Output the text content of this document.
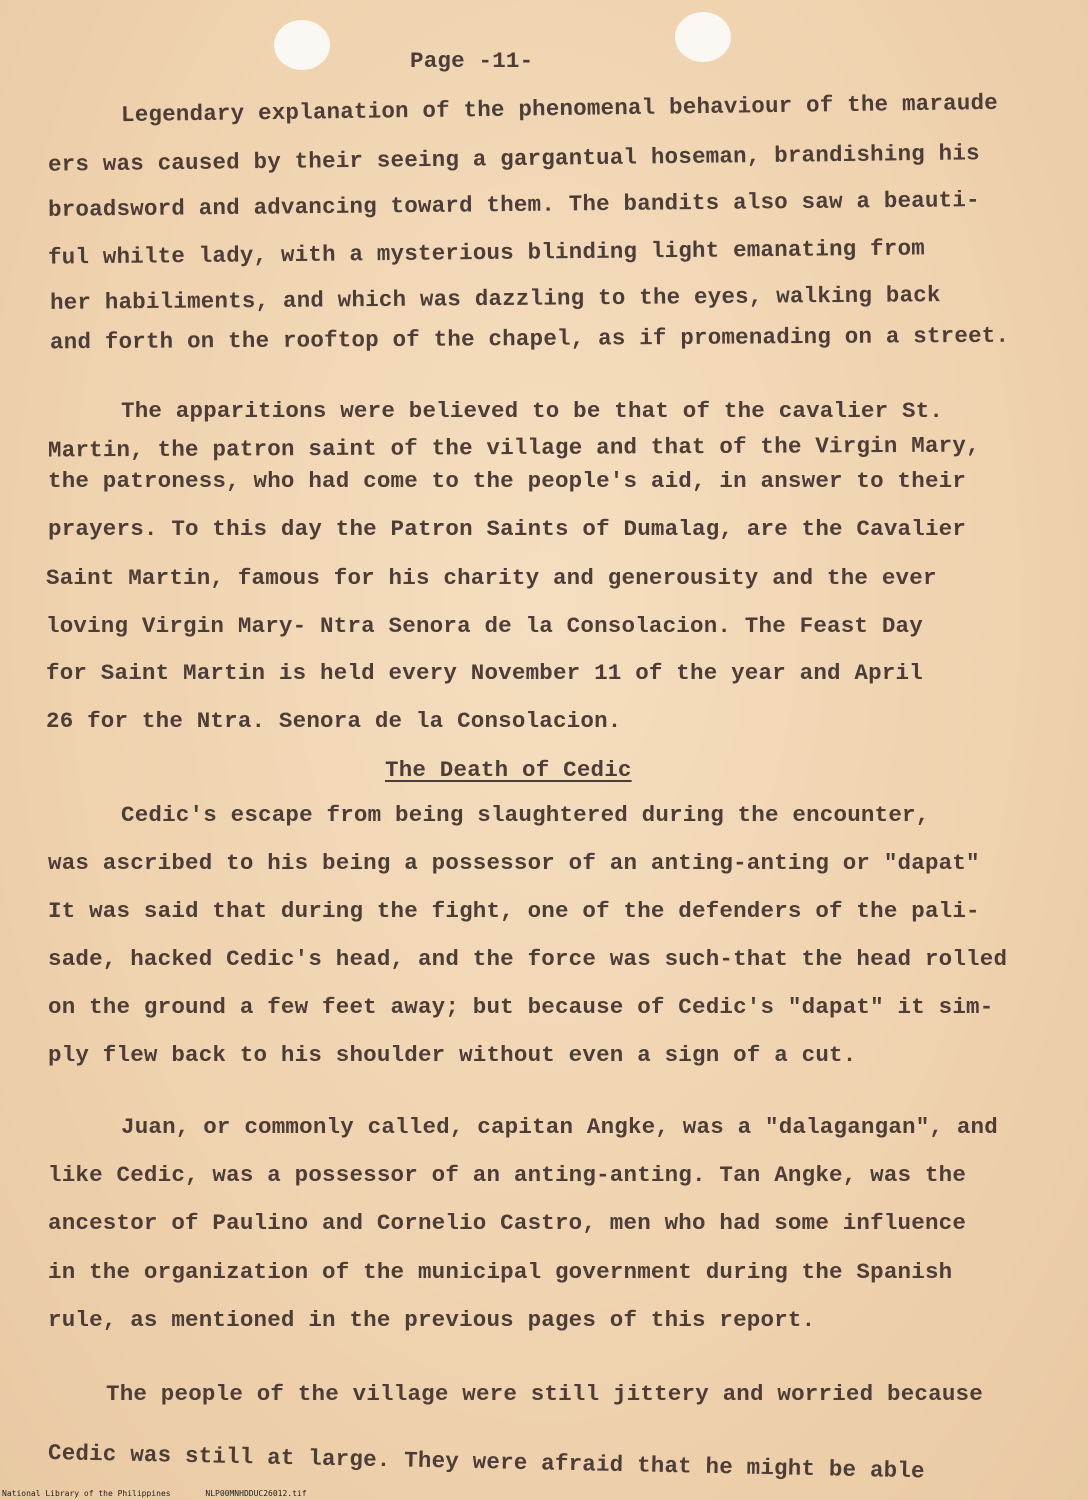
Page -11-
Legendary explanation of the phenomenal behaviour of the maraude
ers was caused by their seeing a gargantual hoseman, brandishing his
broadsword and advancing toward them. The bandits also saw a beauti-
ful whilte lady, with a mysterious blinding light emanating from
her habiliments, and which was dazzling to the eyes, walking back
and forth on the rooftop of the chapel, as if promenading on a street.
The apparitions were believed to be that of the cavalier St.
Martin, the patron saint of the village and that of the Virgin Mary,
the patroness, who had come to the people's aid, in answer to their
prayers. To this day the Patron Saints of Dumalag, are the Cavalier
Saint Martin, famous for his charity and generousity and the ever
loving Virgin Mary- Ntra Senora de la Consolacion. The Feast Day
for Saint Martin is held every November 11 of the year and April
26 for the Ntra. Senora de la Consolacion.
The Death of Cedic
Cedic's escape from being slaughtered during the encounter,
was ascribed to his being a possessor of an anting-anting or "dapat"
It was said that during the fight, one of the defenders of the pali-
sade, hacked Cedic's head, and the force was such-that the head rolled
on the ground a few feet away; but because of Cedic's "dapat" it sim-
ply flew back to his shoulder without even a sign of a cut.
Juan, or commonly called, capitan Angke, was a "dalagangan", and
like Cedic, was a possessor of an anting-anting. Tan Angke, was the
ancestor of Paulino and Cornelio Castro, men who had some influence
in the organization of the municipal government during the Spanish
rule, as mentioned in the previous pages of this report.
The people of the village were still jittery and worried because
Cedic was still at large. They were afraid that he might be able
National Library of the Philippines	NLP00MNHDDUC26012.tif
